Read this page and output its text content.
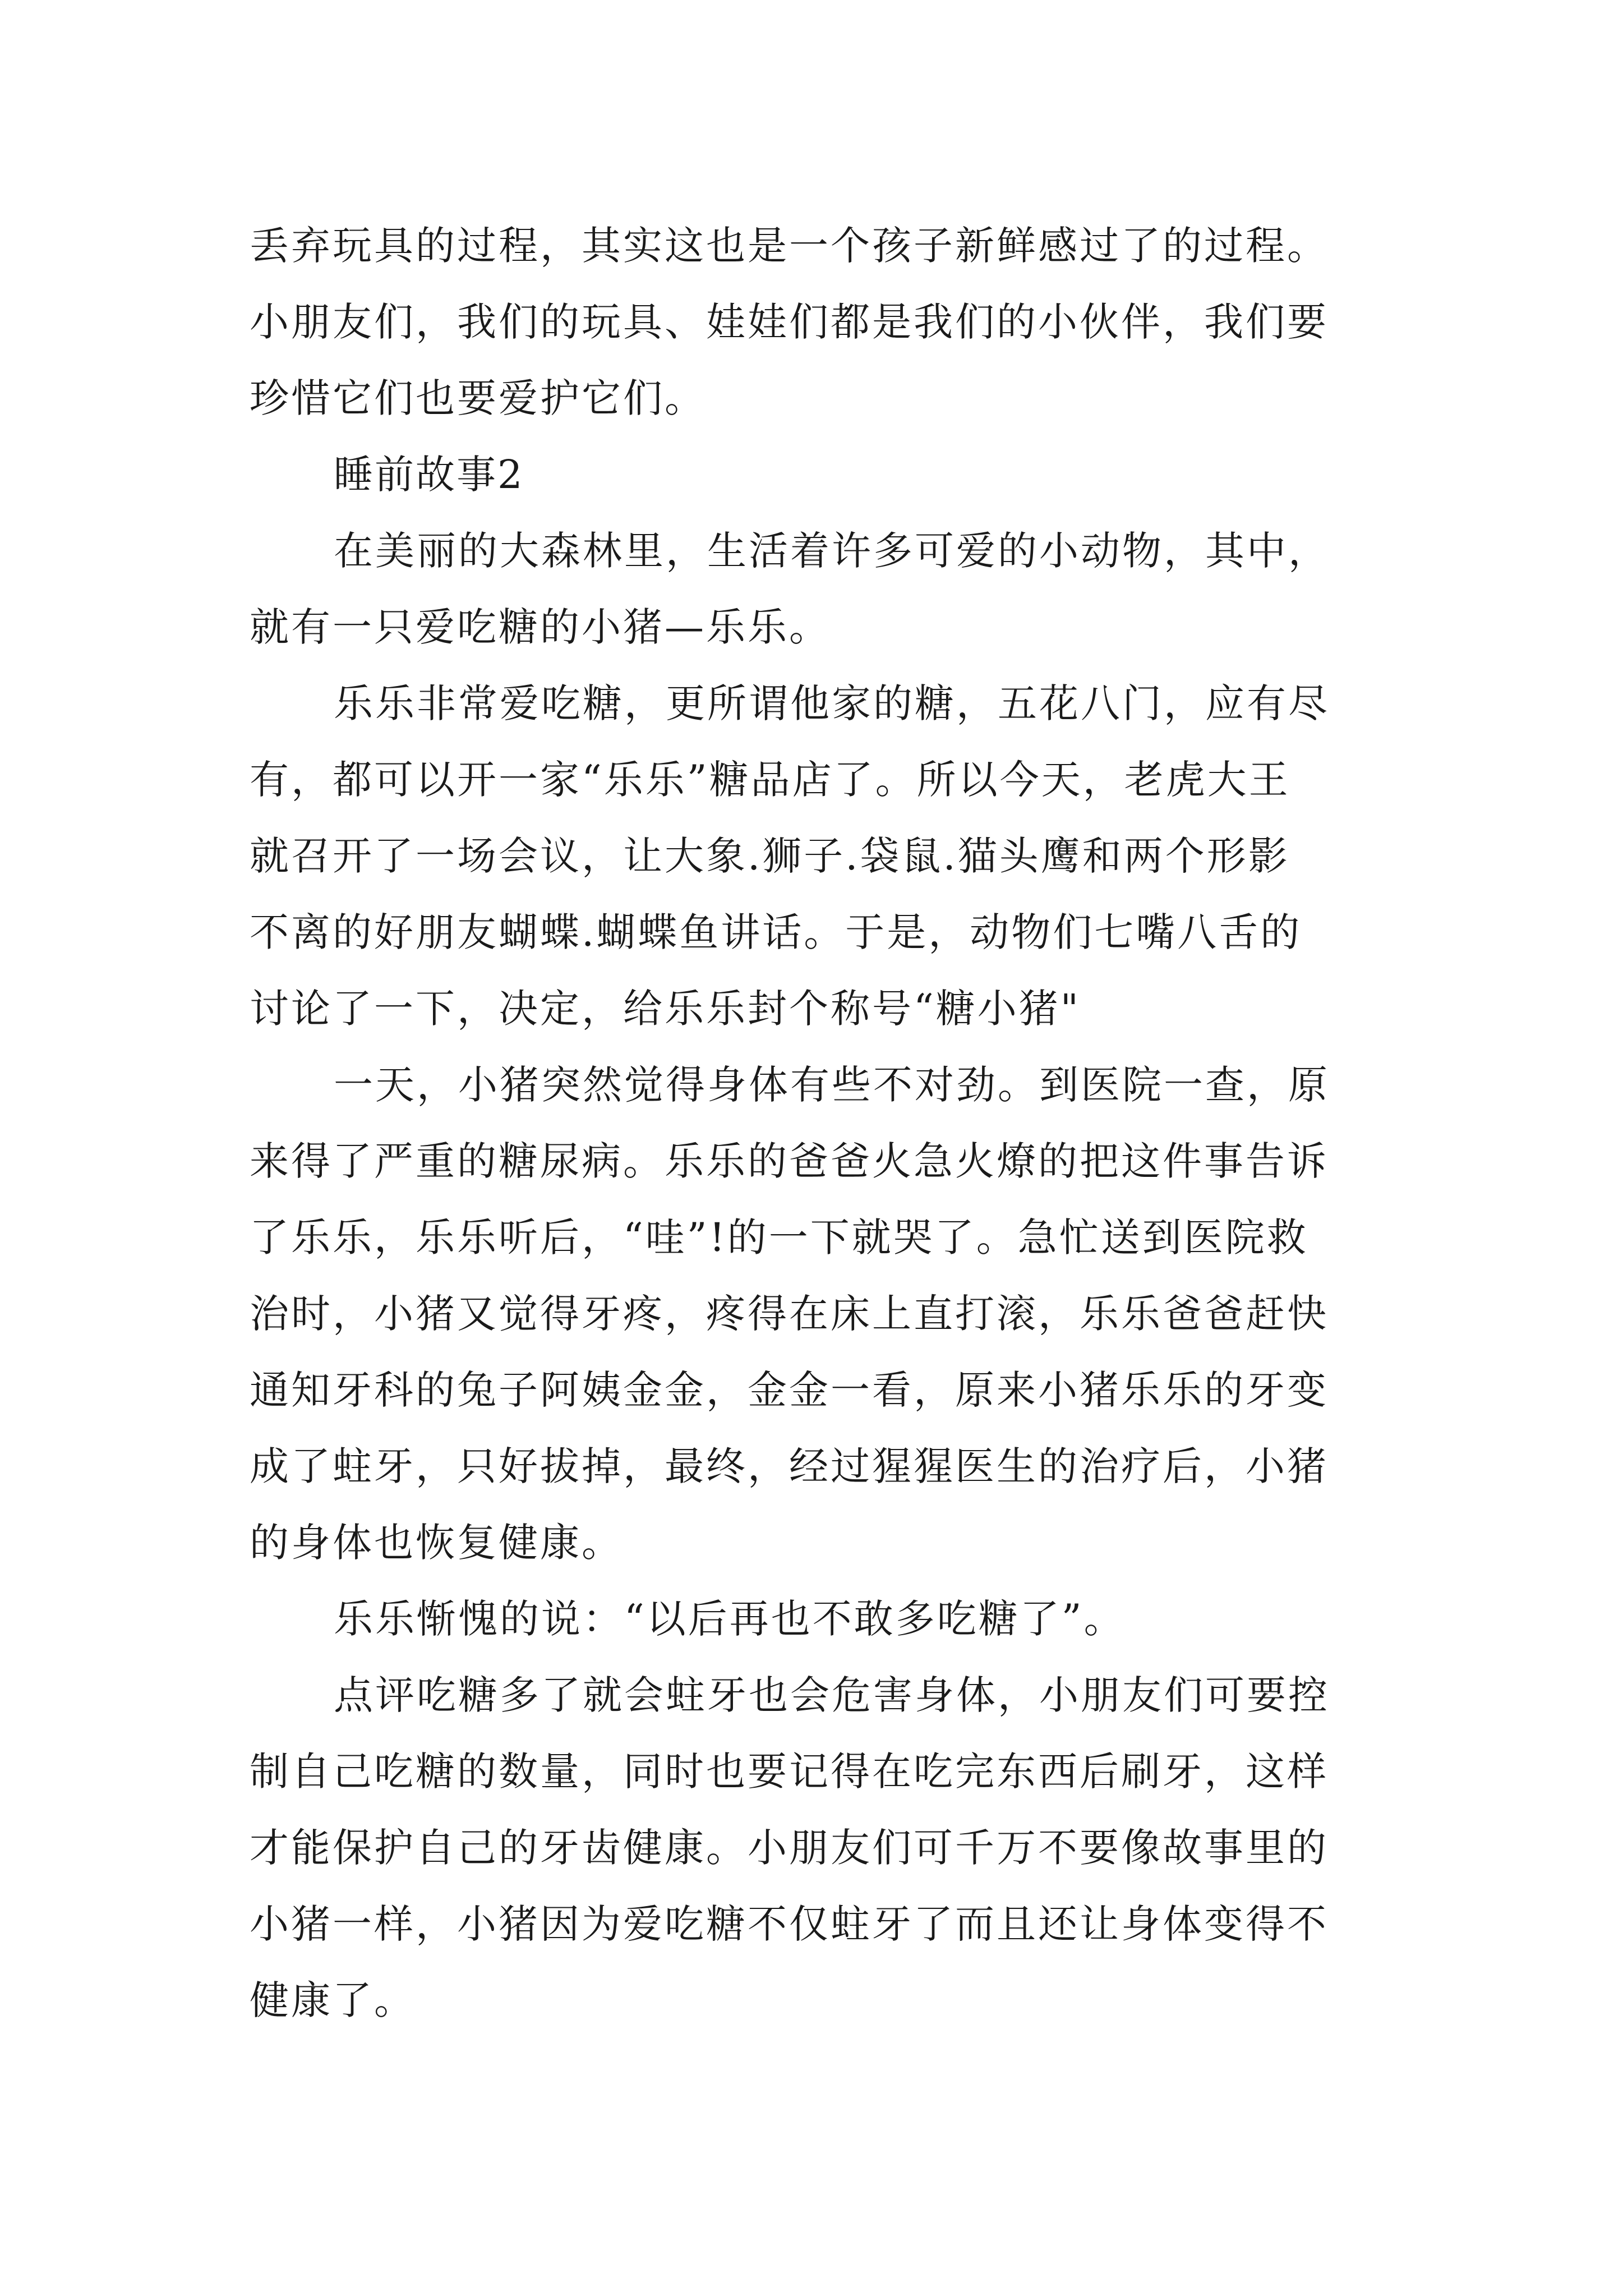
丢弃玩具的过程，其实这也是一个孩子新鲜感过了的过程。
小朋友们，我们的玩具、娃娃们都是我们的小伙伴，我们要
珍惜它们也要爱护它们。
睡前故事2
在美丽的大森林里，生活着许多可爱的小动物，其中，
就有一只爱吃糖的小猪—乐乐。
乐乐非常爱吃糖，更所谓他家的糖，五花八门，应有尽
有，都可以开一家“乐乐”糖品店了。所以今天，老虎大王
就召开了一场会议，让大象.狮子.袋鼠.猫头鹰和两个形影
不离的好朋友蝴蝶.蝴蝶鱼讲话。于是，动物们七嘴八舌的
讨论了一下，决定，给乐乐封个称号“糖小猪"
一天，小猪突然觉得身体有些不对劲。到医院一查，原
来得了严重的糖尿病。乐乐的爸爸火急火燎的把这件事告诉
了乐乐，乐乐听后，“哇”!的一下就哭了。急忙送到医院救
治时，小猪又觉得牙疼，疼得在床上直打滚，乐乐爸爸赶快
通知牙科的兔子阿姨金金，金金一看，原来小猪乐乐的牙变
成了蛀牙，只好拔掉，最终，经过猩猩医生的治疗后，小猪
的身体也恢复健康。
乐乐惭愧的说：“以后再也不敢多吃糖了”。
点评吃糖多了就会蛀牙也会危害身体，小朋友们可要控
制自己吃糖的数量，同时也要记得在吃完东西后刷牙，这样
才能保护自己的牙齿健康。小朋友们可千万不要像故事里的
小猪一样，小猪因为爱吃糖不仅蛀牙了而且还让身体变得不
健康了。
